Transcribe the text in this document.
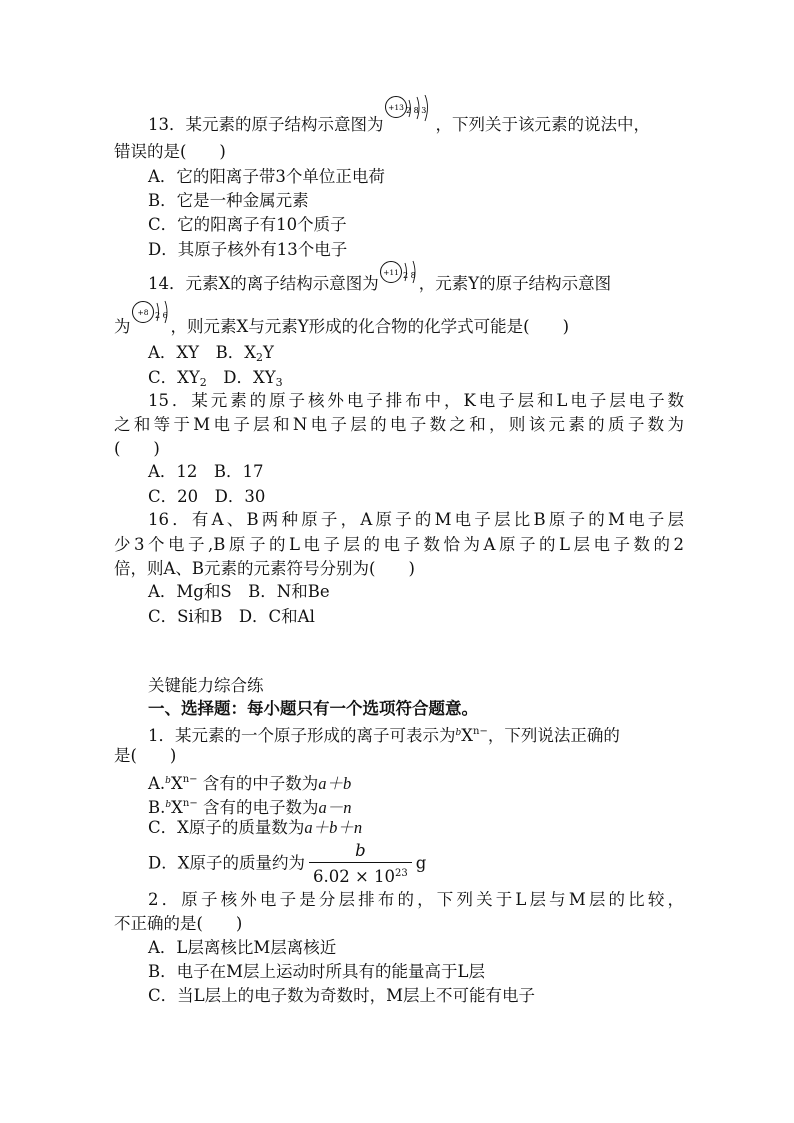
13．某元素的原子结构示意图为
+13 2 8 3
，下列关于该元素的说法中，
错误的是(　　)
A．它的阳离子带3个单位正电荷
B．它是一种金属元素
C．它的阳离子有10个质子
D．其原子核外有13个电子
14．元素X的离子结构示意图为
+11 2 8 ，元素Y的原子结构示意图
为
+8 2 6
，则元素X与元素Y形成的化合物的化学式可能是(　　)
A．XY　 B．$X_2Y$
C．$XY_2$　 D．$XY_3$
15．某元素的原子核外电子排布中，K电子层和L电子层电子数
之和等于M电子层和N电子层的电子数之和，则该元素的质子数为
(　　)
A．12　B．17
C．20　D．30
16．有A、B两种原子，A原子的M电子层比B原子的M电子层
少3个电子,B原子的L电子层的电子数恰为A原子的L层电子数的2
倍，则A、B元素的元素符号分别为(　　)
A．Mg和S　B．N和Be
C．Si和B　D．C和Al
关键能力综合练
一、选择题：每小题只有一个选项符合题意。
1．某元素的一个原子形成的离子可表示为$^bX^{n-}$，下列说法正确的
是(　　)
$A.^bX^{n-}$ 含有的中子数为a＋b
$B.^bX^{n-}$ 含有的电子数为a－n
C．X原子的质量数为a＋b＋n
D．X原子的质量约为 $\frac{b}{6.02 \times 10^{23}}$ g
2．原子核外电子是分层排布的，下列关于L层与M层的比较，
不正确的是(　　)
A．L层离核比M层离核近
B．电子在M层上运动时所具有的能量高于L层
C．当L层上的电子数为奇数时，M层上不可能有电子
